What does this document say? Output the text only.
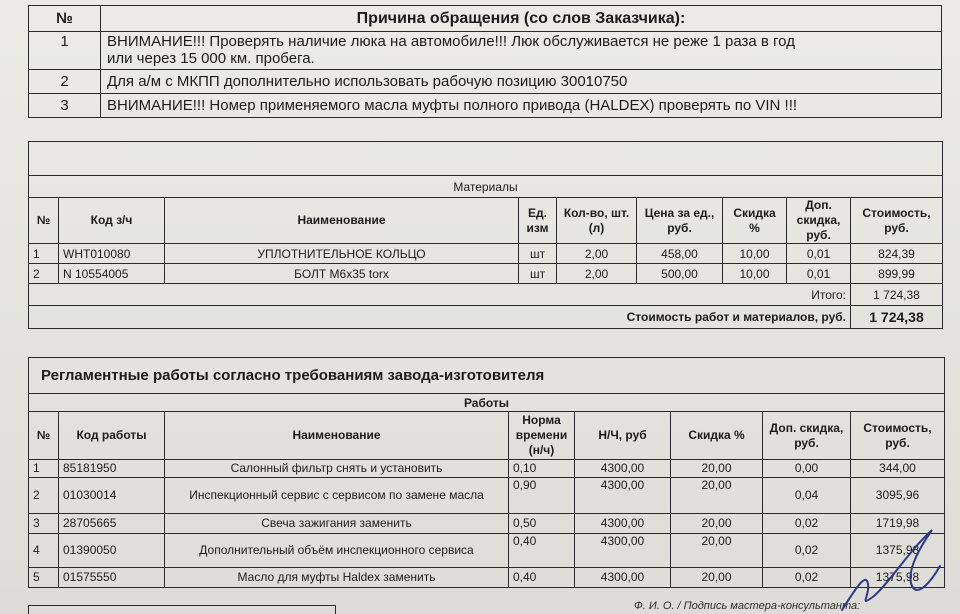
№	Причина обращения (со слов Заказчика):
1	ВНИМАНИЕ!!! Проверять наличие люка на автомобиле!!! Люк обслуживается не реже 1 раза в год
или через 15 000 км. пробега.

2	Для а/м с МКПП дополнительно использовать рабочую позицию 30010750
3	ВНИМАНИЕ!!! Номер применяемого масла муфты полного привода (HALDEX) проверять по VIN !!!

Материалы								
№	Код з/ч	Наименование	Ед. изм	Кол-во, шт. (л)	Цена за ед., руб.	Скидка %	Доп. скидка, руб.	Стоимость, руб.
1	WHT010080	УПЛОТНИТЕЛЬНОЕ КОЛЬЦО	шт	2,00	458,00	10,00	0,01	824,39
2	N 10554005	БОЛТ М6х35 torx	шт	2,00	500,00	10,00	0,01	899,99
Итого:								1 724,38
Стоимость работ и материалов, руб.								1 724,38
Регламентные работы согласно требованиям завода-изготовителя							
Работы							
№	Код работы	Наименование	Норма времени (н/ч)	Н/Ч, руб	Скидка %	Доп. скидка, руб.	Стоимость, руб.
1	85181950	Салонный фильтр снять и установить	0,10	4300,00	20,00	0,00	344,00
2	01030014	Инспекционный сервис с сервисом по замене масла	0,90	4300,00	20,00	0,04	3095,96
3	28705665	Свеча зажигания заменить	0,50	4300,00	20,00	0,02	1719,98
4	01390050	Дополнительный объём инспекционного сервиса	0,40	4300,00	20,00	0,02	1375,98
5	01575550	Масло для муфты Haldex заменить	0,40	4300,00	20,00	0,02	1375,98
Ф. И. О. / Подпись мастера-консультанта:
